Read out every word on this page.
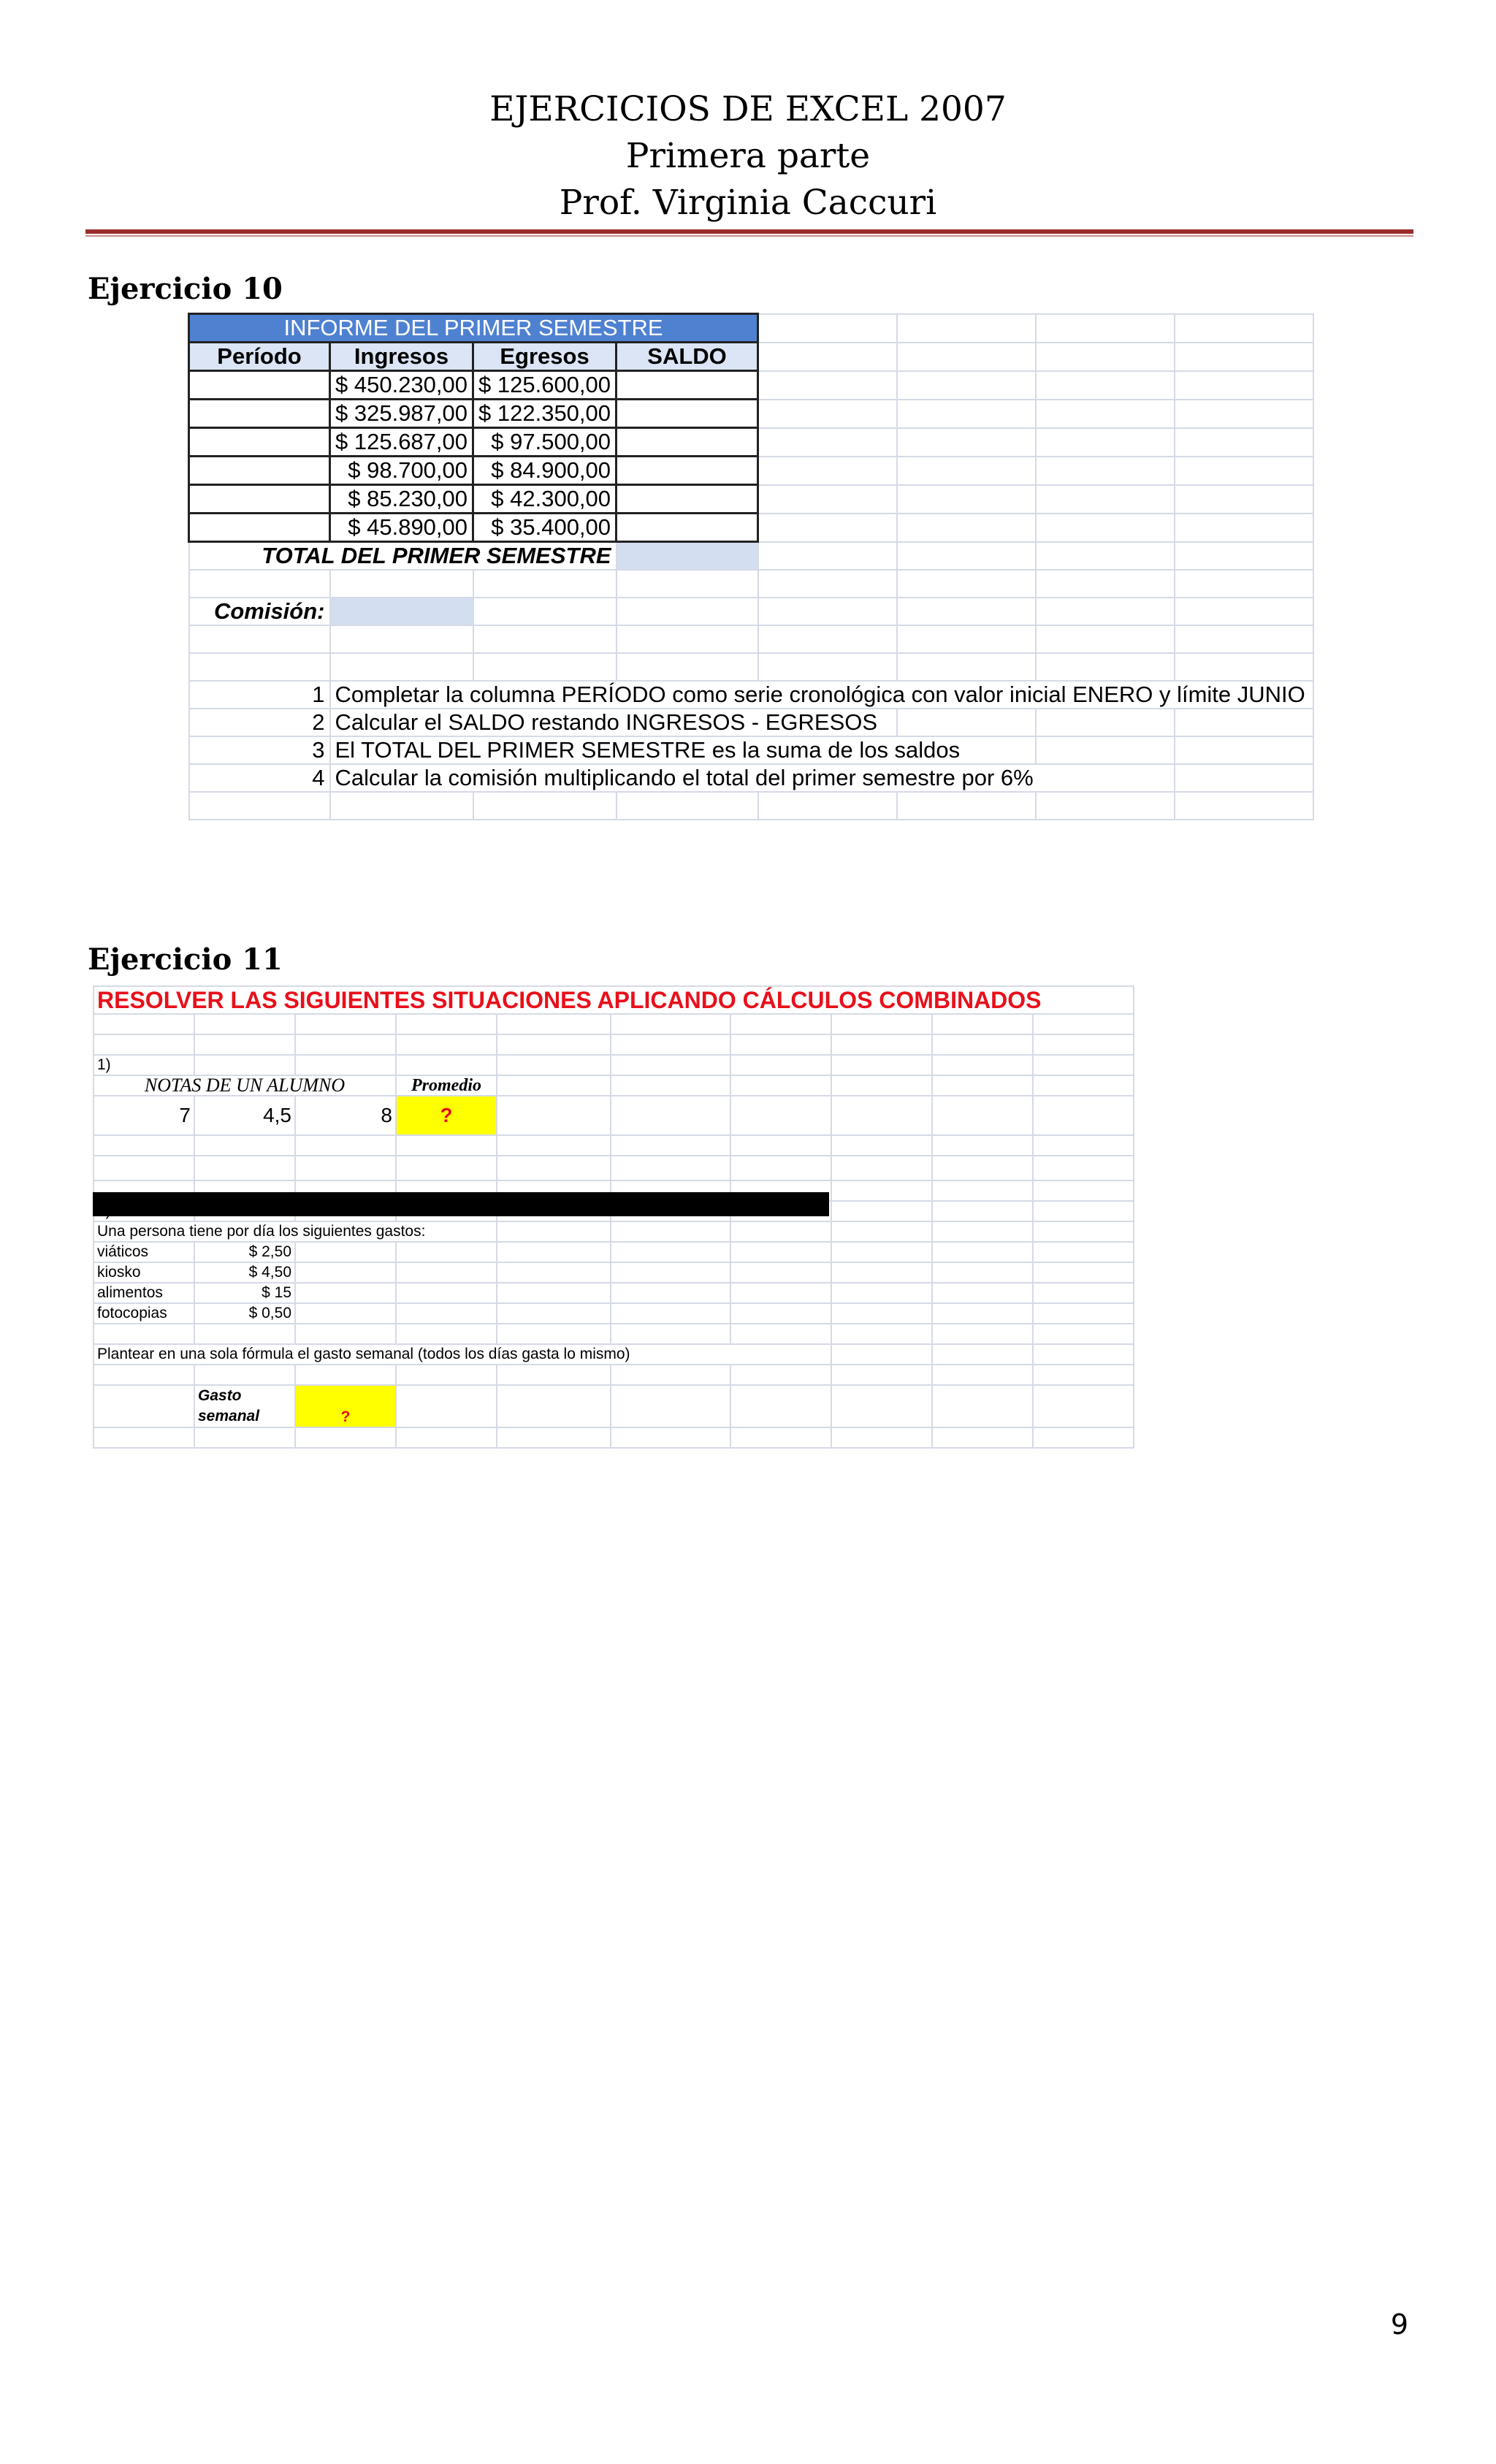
EJERCICIOS DE EXCEL 2007
Primera parte
Prof. Virginia Caccuri
Ejercicio 10
INFORME DEL PRIMER SEMESTRE							
Período	Ingresos	Egresos	SALDO				
	$ 450.230,00	$ 125.600,00					
	$ 325.987,00	$ 122.350,00					
	$ 125.687,00	$ 97.500,00					
	$ 98.700,00	$ 84.900,00					
	$ 85.230,00	$ 42.300,00					
	$ 45.890,00	$ 35.400,00					
TOTAL DEL PRIMER SEMESTRE							

Comisión:							

1	Completar la columna PERÍODO como serie cronológica con valor inicial ENERO y límite JUNIO						
2	Calcular el SALDO restando INGRESOS - EGRESOS						
3	El TOTAL DEL PRIMER SEMESTRE es la suma de los saldos						
4	Calcular la comisión multiplicando el total del primer semestre por 6%						

Ejercicio 11
RESOLVER LAS SIGUIENTES SITUACIONES APLICANDO CÁLCULOS COMBINADOS									

1)									
NOTAS DE UN ALUMNO			Promedio						
7	4,5	8	?						

Una persona tiene por día los siguientes gastos:									
viáticos	$ 2,50								
kiosko	$ 4,50								
alimentos	$ 15								
fotocopias	$ 0,50								

Plantear en una sola fórmula el gasto semanal (todos los días gasta lo mismo)									

	Gasto
semanal	?							

9
